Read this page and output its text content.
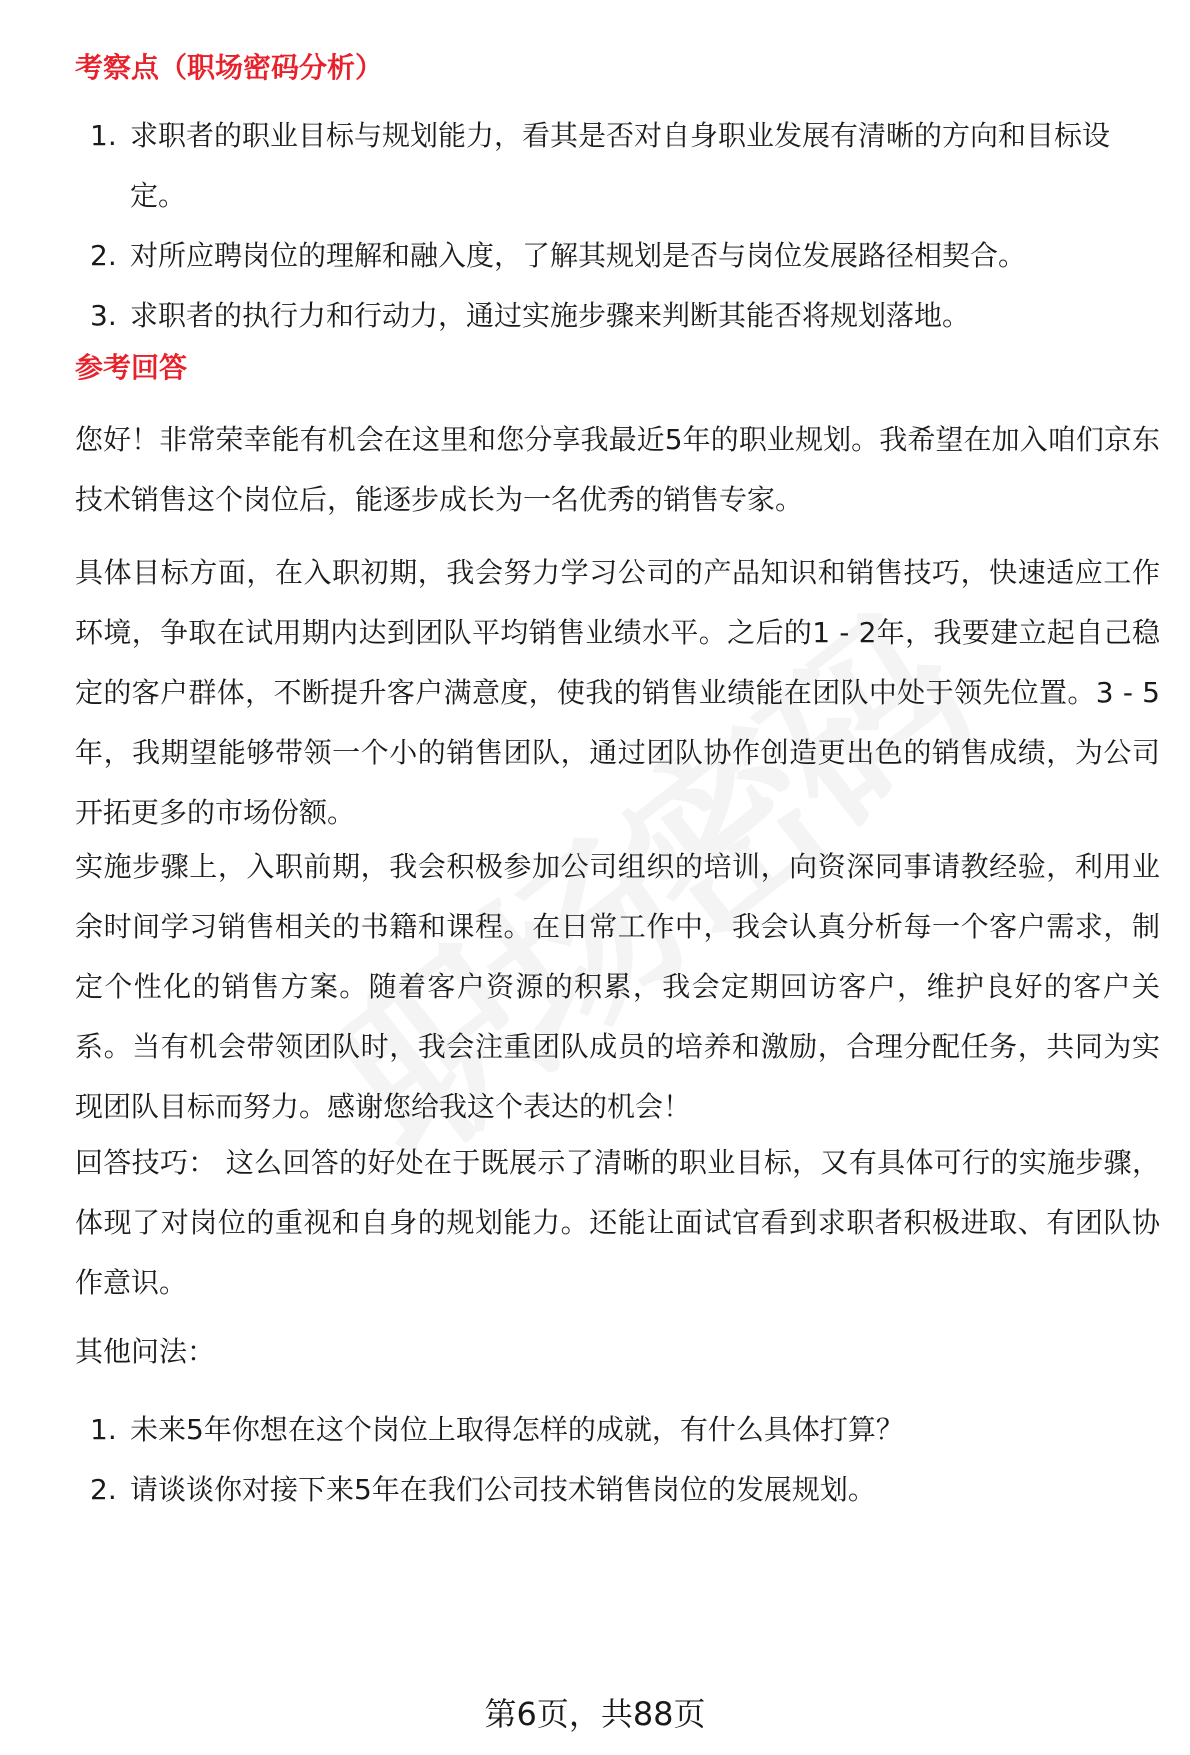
考察点（职场密码分析）
1. 求职者的职业目标与规划能力，看其是否对自身职业发展有清晰的方向和目标设定。
2. 对所应聘岗位的理解和融入度，了解其规划是否与岗位发展路径相契合。
3. 求职者的执行力和行动力，通过实施步骤来判断其能否将规划落地。
参考回答

您好！非常荣幸能有机会在这里和您分享我最近5年的职业规划。我希望在加入咱们京东技术销售这个岗位后，能逐步成长为一名优秀的销售专家。

具体目标方面，在入职初期，我会努力学习公司的产品知识和销售技巧，快速适应工作环境，争取在试用期内达到团队平均销售业绩水平。之后的1 - 2年，我要建立起自己稳定的客户群体，不断提升客户满意度，使我的销售业绩能在团队中处于领先位置。3 - 5年，我期望能够带领一个小的销售团队，通过团队协作创造更出色的销售成绩，为公司开拓更多的市场份额。

实施步骤上，入职前期，我会积极参加公司组织的培训，向资深同事请教经验，利用业余时间学习销售相关的书籍和课程。在日常工作中，我会认真分析每一个客户需求，制定个性化的销售方案。随着客户资源的积累，我会定期回访客户，维护良好的客户关系。当有机会带领团队时，我会注重团队成员的培养和激励，合理分配任务，共同为实现团队目标而努力。感谢您给我这个表达的机会！

回答技巧： 这么回答的好处在于既展示了清晰的职业目标，又有具体可行的实施步骤，体现了对岗位的重视和自身的规划能力。还能让面试官看到求职者积极进取、有团队协作意识。

其他问法：

1. 未来5年你想在这个岗位上取得怎样的成就，有什么具体打算？
2. 请谈谈你对接下来5年在我们公司技术销售岗位的发展规划。
第6页，共88页
